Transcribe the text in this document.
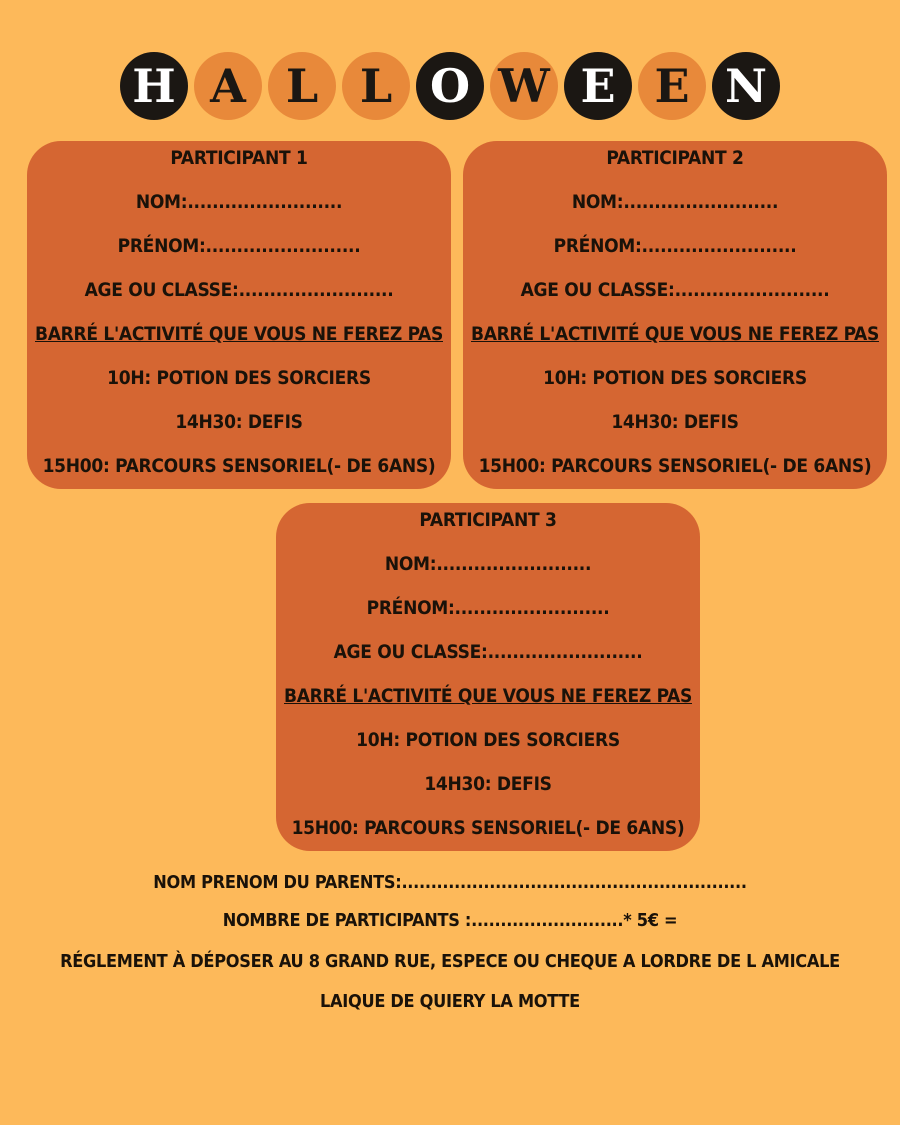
H A L L O W E E N
PARTICIPANT 1
NOM:.........................
PRÉNOM:.........................
AGE OU CLASSE:.........................
BARRÉ L'ACTIVITÉ QUE VOUS NE FEREZ PAS
10H: POTION DES SORCIERS
14H30: DEFIS
15H00: PARCOURS SENSORIEL(- DE 6ANS)
PARTICIPANT 2
NOM:.........................
PRÉNOM:.........................
AGE OU CLASSE:.........................
BARRÉ L'ACTIVITÉ QUE VOUS NE FEREZ PAS
10H: POTION DES SORCIERS
14H30: DEFIS
15H00: PARCOURS SENSORIEL(- DE 6ANS)
PARTICIPANT 3
NOM:.........................
PRÉNOM:.........................
AGE OU CLASSE:.........................
BARRÉ L'ACTIVITÉ QUE VOUS NE FEREZ PAS
10H: POTION DES SORCIERS
14H30: DEFIS
15H00: PARCOURS SENSORIEL(- DE 6ANS)
NOM PRENOM DU PARENTS:...........................................................
NOMBRE DE PARTICIPANTS :..........................* 5€ =
RÉGLEMENT À DÉPOSER AU 8 GRAND RUE, ESPECE OU CHEQUE A LORDRE DE L AMICALE
LAIQUE DE QUIERY LA MOTTE
